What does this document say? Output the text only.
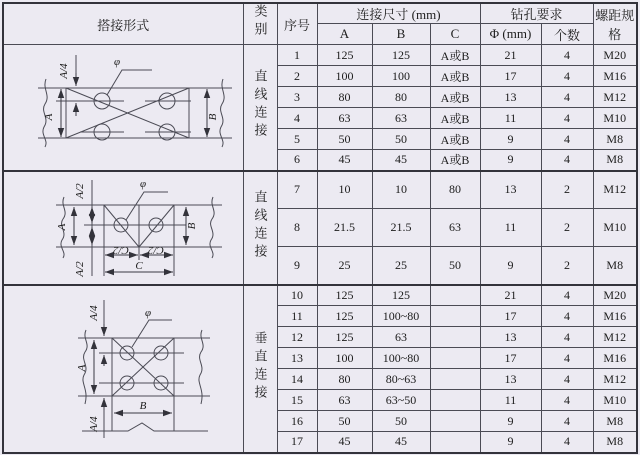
搭接形式	类别	序号	连接尺寸 (mm)			钻孔要求		螺距规格
			A	B	C	Φ (mm)	个数	

A/4
φ
A B	直线连接	1	125	125	A或B	21	4	M20
		2	100	100	A或B	17	4	M16
		3	80	80	A或B	13	4	M12
		4	63	63	A或B	11	4	M10
		5	50	50	A或B	9	4	M8
		6	45	45	A或B	9	4	M8

A/2	φ
A	B
A/2
C/2 C/2
C
	直线连接	7	10	10	80	13	2	M12
		8	21.5	21.5	63	11	2	M10
		9	25	25	50	9	2	M8

A/4 φ
A
B
A/4	垂直连接	10	125	125		21	4	M20
		11	125	100~80		17	4	M16
		12	125	63		13	4	M12
		13	100	100~80		17	4	M16
		14	80	80~63		13	4	M12
		15	63	63~50		11	4	M10
		16	50	50		9	4	M8
		17	45	45		9	4	M8
